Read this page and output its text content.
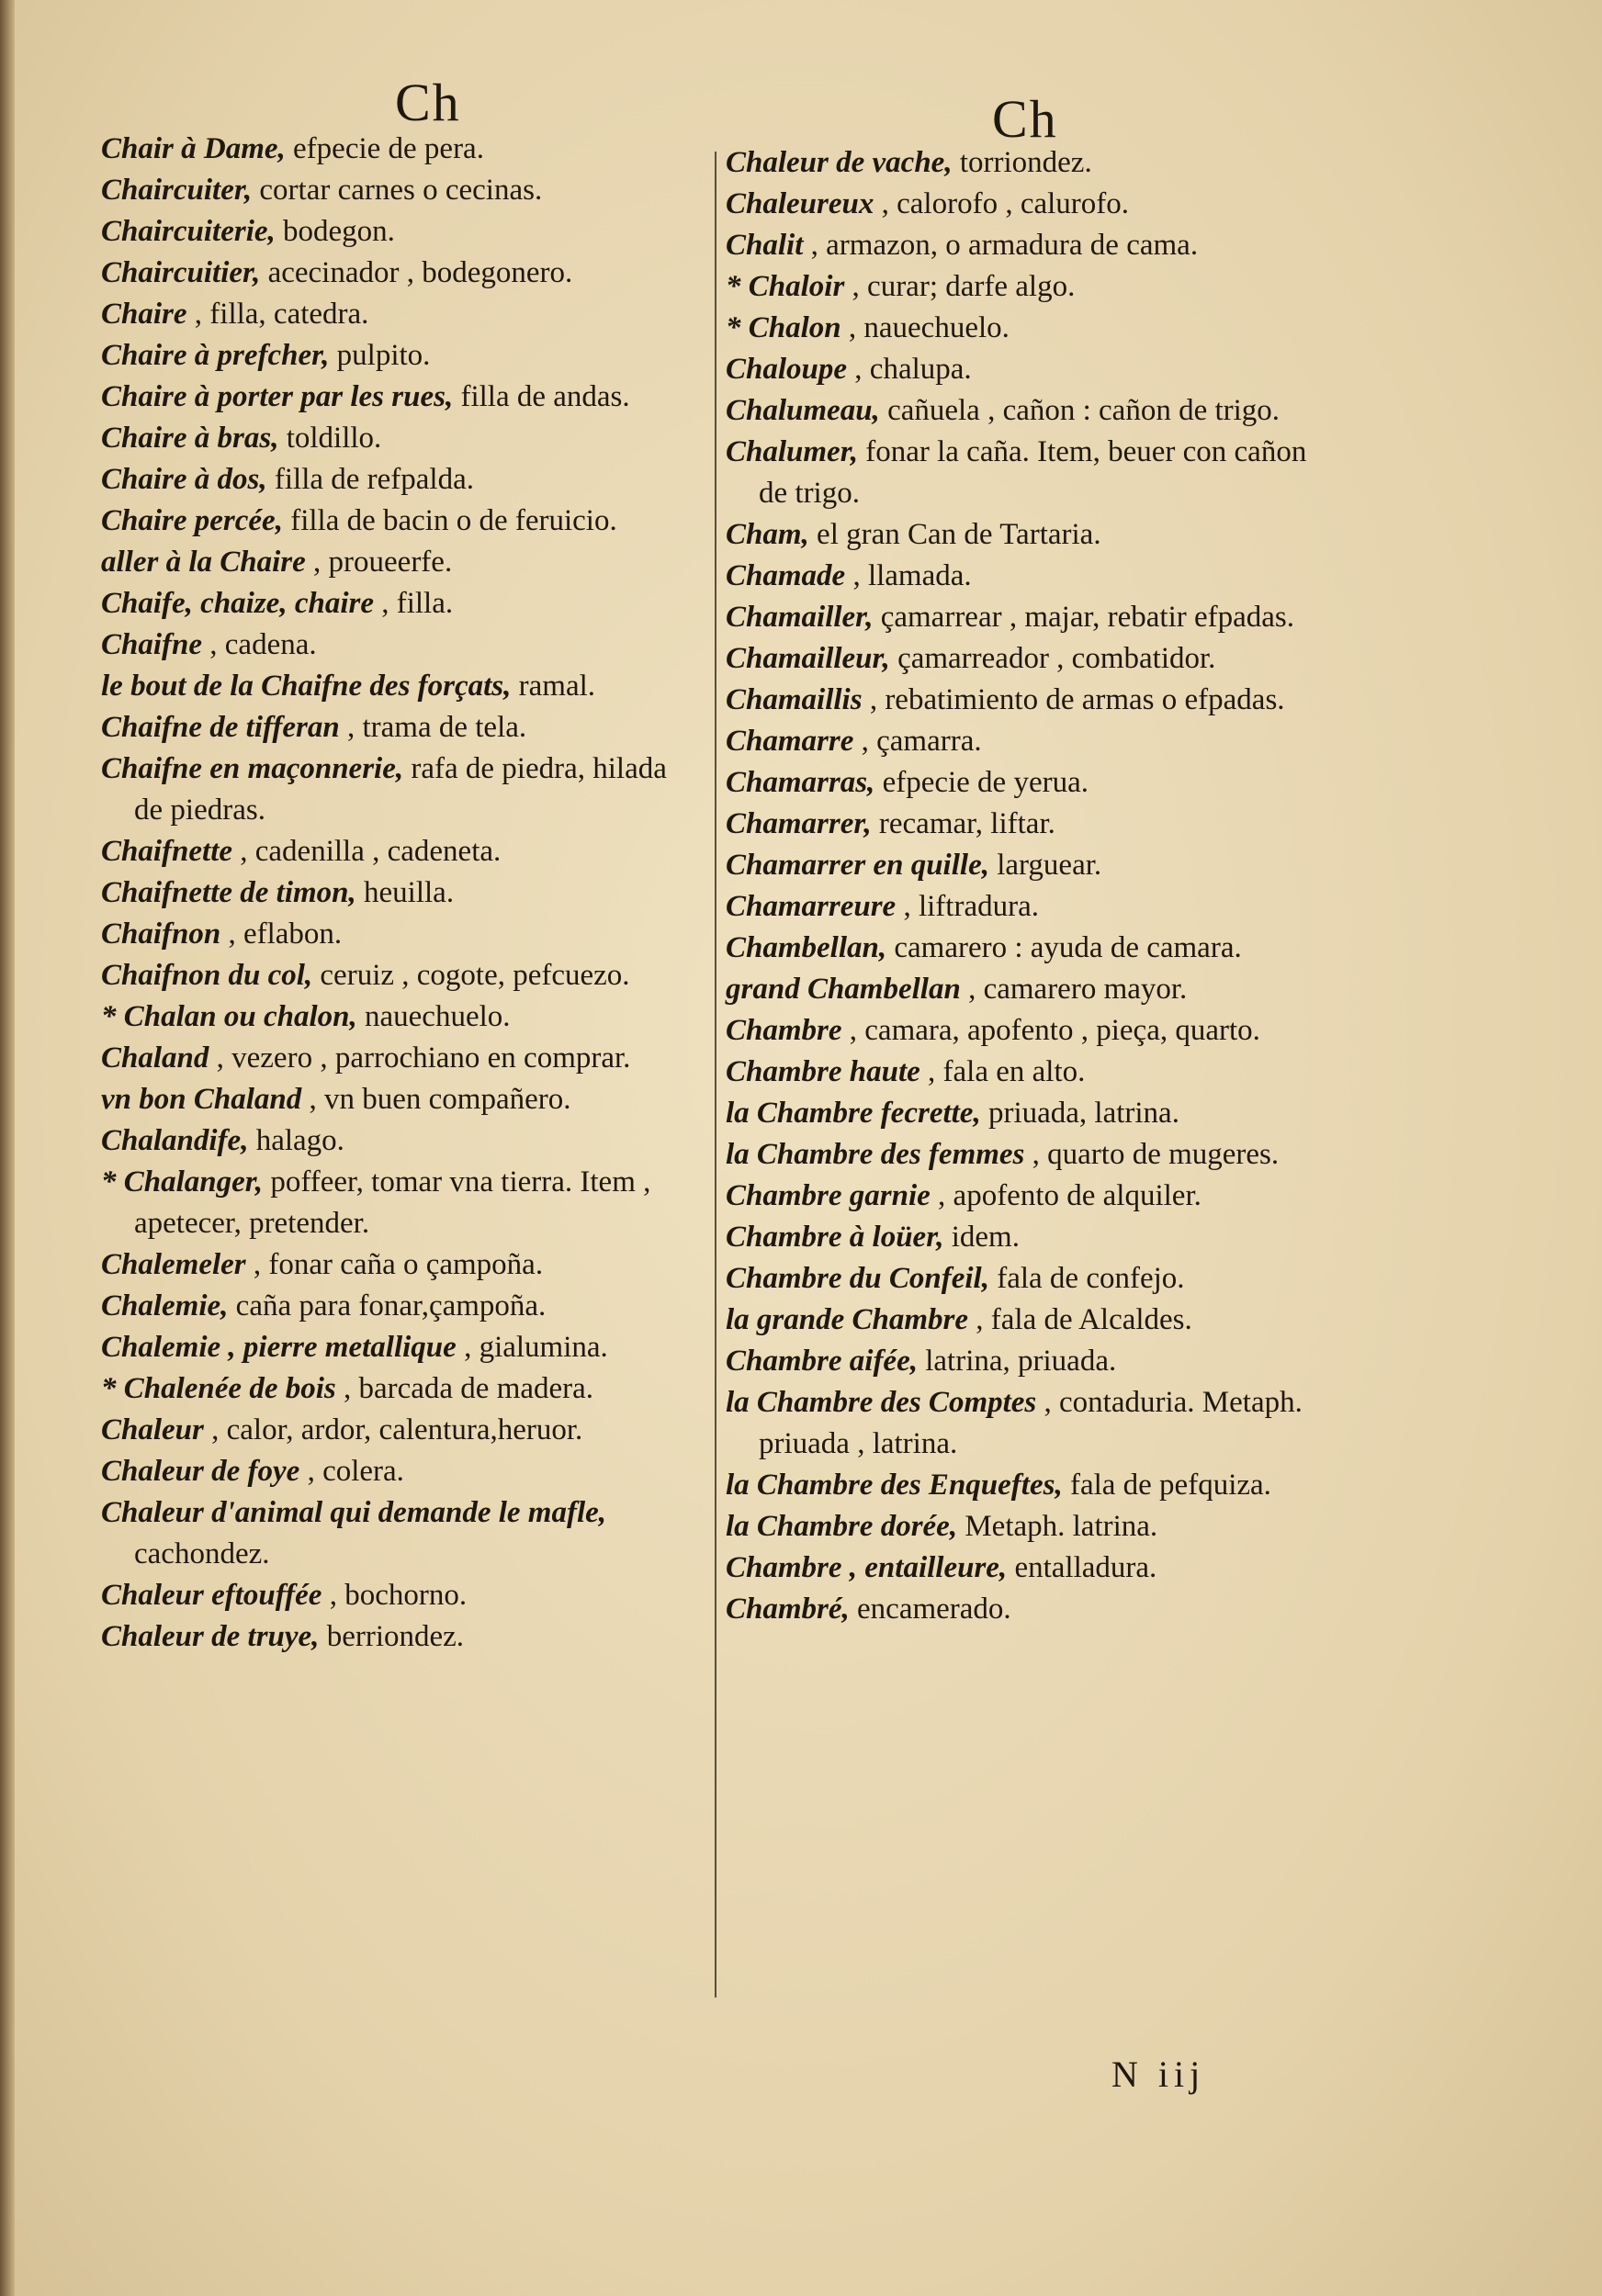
Ch	Ch
Chair à Dame, efpecie de pera.
Chaircuiter, cortar carnes o cecinas.
Chaircuiterie, bodegon.
Chaircuitier, acecinador , bodegonero.
Chaire , filla, catedra.
Chaire à prefcher, pulpito.
Chaire à porter par les rues, filla de andas.
Chaire à bras, toldillo.
Chaire à dos, filla de refpalda.
Chaire percée, filla de bacin o de feruicio.
aller à la Chaire , proueerfe.
Chaife, chaize, chaire , filla.
Chaifne , cadena.
le bout de la Chaifne des forçats, ramal.
Chaifne de tifferan , trama de tela.
Chaifne en maçonnerie, rafa de piedra, hilada de piedras.
Chaifnette , cadenilla , cadeneta.
Chaifnette de timon, heuilla.
Chaifnon , eflabon.
Chaifnon du col, ceruiz , cogote, pefcuezo.
* Chalan ou chalon, nauechuelo.
Chaland , vezero , parrochiano en comprar.
vn bon Chaland , vn buen compañero.
Chalandife, halago.
* Chalanger, poffeer, tomar vna tierra. Item , apetecer, pretender.
Chalemeler , fonar caña o çampoña.
Chalemie, caña para fonar,çampoña.
Chalemie , pierre metallique , gialumina.
* Chalenée de bois , barcada de madera.
Chaleur , calor, ardor, calentura,heruor.
Chaleur de foye , colera.
Chaleur d'animal qui demande le mafle, cachondez.
Chaleur eftouffée , bochorno.
Chaleur de truye, berriondez.
Chaleur de vache, torriondez.
Chaleureux , calorofo , calurofo.
Chalit , armazon, o armadura de cama.
* Chaloir , curar; darfe algo.
* Chalon , nauechuelo.
Chaloupe , chalupa.
Chalumeau, cañuela , cañon : cañon de trigo.
Chalumer, fonar la caña. Item, beuer con cañon de trigo.
Cham, el gran Can de Tartaria.
Chamade , llamada.
Chamailler, çamarrear , majar, rebatir efpadas.
Chamailleur, çamarreador , combatidor.
Chamaillis , rebatimiento de armas o efpadas.
Chamarre , çamarra.
Chamarras, efpecie de yerua.
Chamarrer, recamar, liftar.
Chamarrer en quille, larguear.
Chamarreure , liftradura.
Chambellan, camarero : ayuda de camara.
grand Chambellan , camarero mayor.
Chambre , camara, apofento , pieça, quarto.
Chambre haute , fala en alto.
la Chambre fecrette, priuada, latrina.
la Chambre des femmes , quarto de mugeres.
Chambre garnie , apofento de alquiler.
Chambre à loüer, idem.
Chambre du Confeil, fala de confejo.
la grande Chambre , fala de Alcaldes.
Chambre aifée, latrina, priuada.
la Chambre des Comptes , contaduria. Metaph. priuada , latrina.
la Chambre des Enqueftes, fala de pefquiza.
la Chambre dorée, Metaph. latrina.
Chambre , entailleure, entalladura.
Chambré, encamerado.
N iij
